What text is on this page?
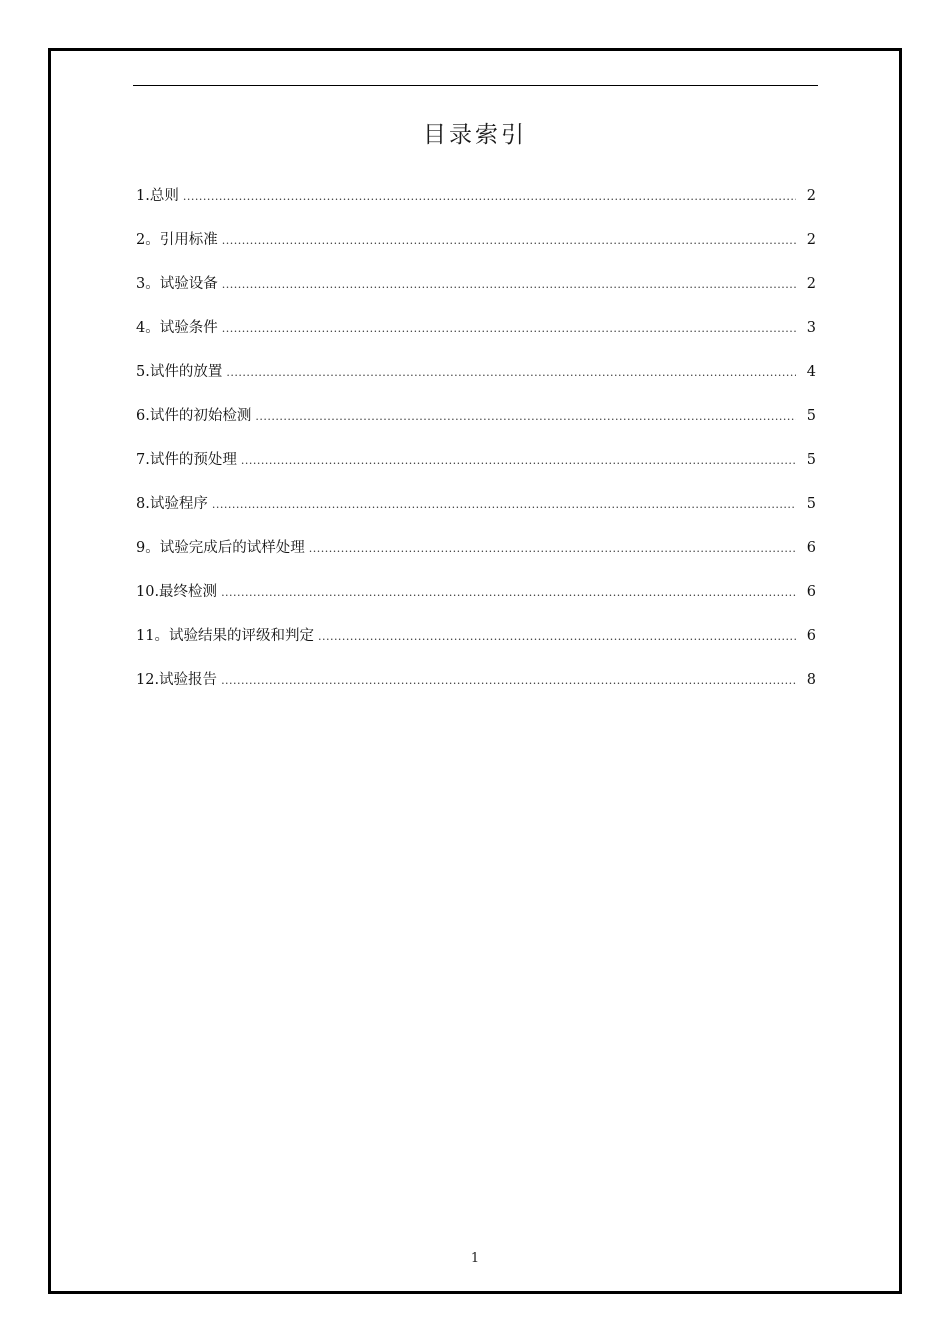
目录索引
1.总则 .....	2
2。引用标准 .....	2
3。试验设备 .....	2
4。试验条件 .....	3
5.试件的放置 .....	4
6.试件的初始检测 .....	5
7.试件的预处理 .....	5
8.试验程序 .....	5
9。试验完成后的试样处理 .....	6
10.最终检测 .....	6
11。试验结果的评级和判定 .....	6
12.试验报告 .....	8
1
